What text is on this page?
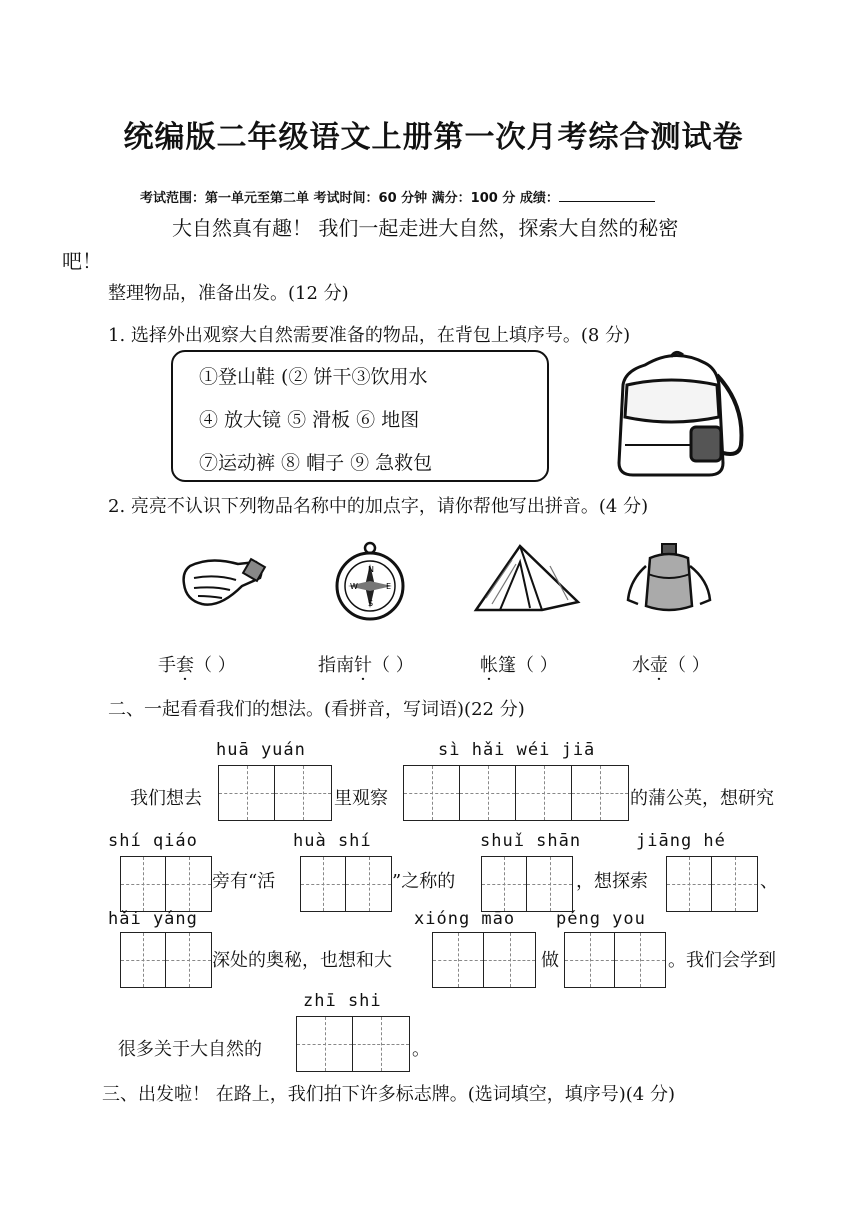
统编版二年级语文上册第一次月考综合测试卷
考试范围：第一单元至第二单 考试时间：60 分钟 满分：100 分 成绩：
大自然真有趣！ 我们一起走进大自然，探索大自然的秘密
吧！
整理物品，准备出发。(12 分)
1. 选择外出观察大自然需要准备的物品，在背包上填序号。(8 分)
①登山鞋 (② 饼干③饮用水
④ 放大镜 ⑤ 滑板 ⑥ 地图
⑦运动裤 ⑧ 帽子 ⑨ 急救包
2. 亮亮不认识下列物品名称中的加点字，请你帮他写出拼音。(4 分)
N
W	E
S
手套（ ）	指南针（ ）	帐篷（ ）	水壶（ ）
二、一起看看我们的想法。(看拼音，写词语)(22 分)
huā yuán	sì hǎi wéi jiā
我们想去	里观察	的蒲公英，想研究
shí qiáo	huà shí	shuǐ shān	jiāng hé
旁有“活	”之称的	，想探索	、
hǎi yáng	xióng māo péng you
深处的奥秘，也想和大	做	。我们会学到
zhī shi
很多关于大自然的	。
三、出发啦！ 在路上，我们拍下许多标志牌。(选词填空，填序号)(4 分)
